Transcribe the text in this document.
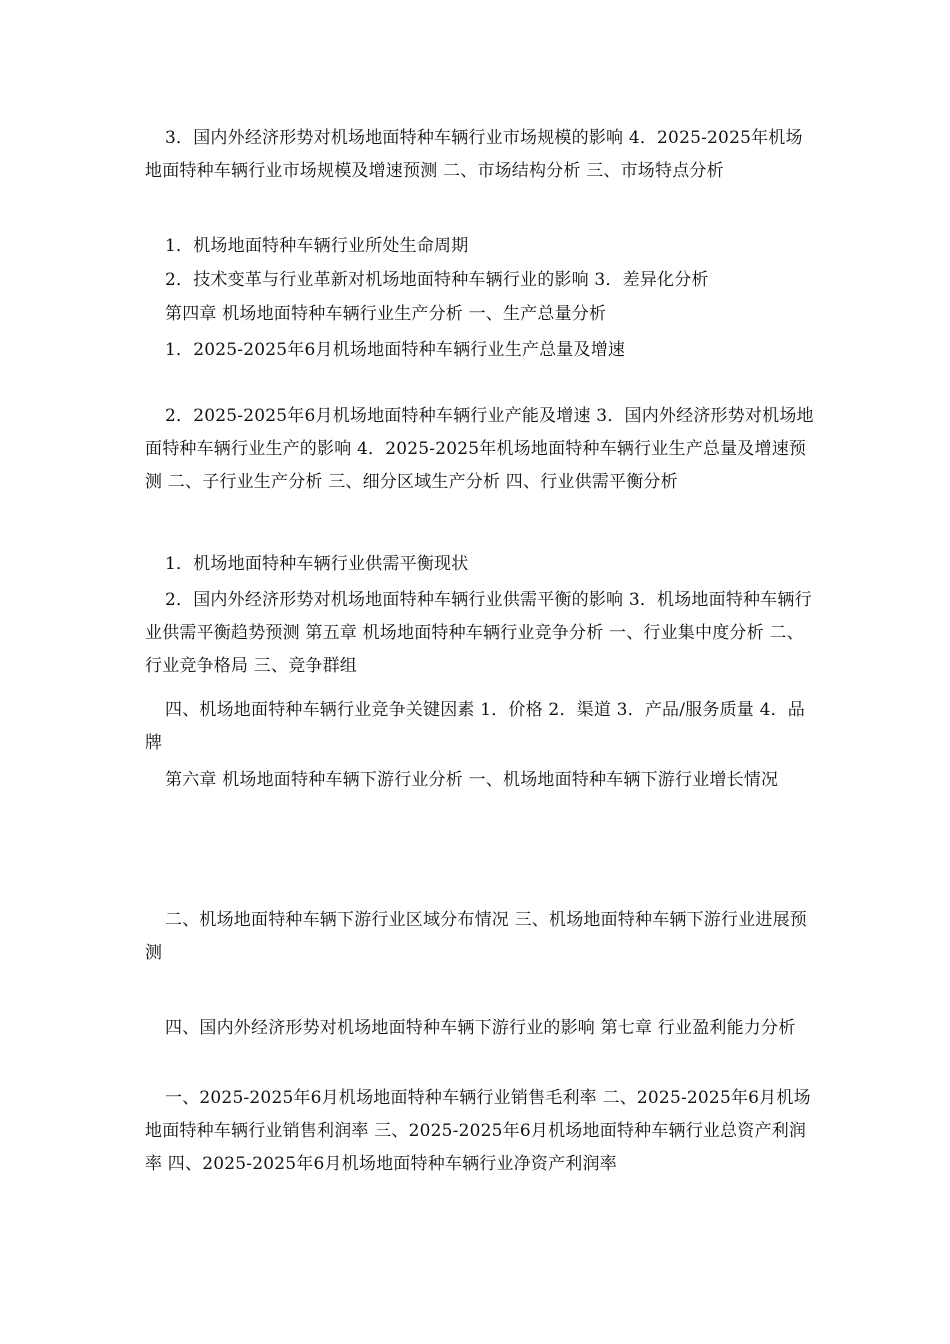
3．国内外经济形势对机场地面特种车辆行业市场规模的影响 4．2025-2025年机场地面特种车辆行业市场规模及增速预测 二、市场结构分析 三、市场特点分析

1．机场地面特种车辆行业所处生命周期

2．技术变革与行业革新对机场地面特种车辆行业的影响 3．差异化分析

第四章 机场地面特种车辆行业生产分析 一、生产总量分析

1．2025-2025年6月机场地面特种车辆行业生产总量及增速

2．2025-2025年6月机场地面特种车辆行业产能及增速 3．国内外经济形势对机场地面特种车辆行业生产的影响 4．2025-2025年机场地面特种车辆行业生产总量及增速预测 二、子行业生产分析 三、细分区域生产分析 四、行业供需平衡分析

1．机场地面特种车辆行业供需平衡现状

2．国内外经济形势对机场地面特种车辆行业供需平衡的影响 3．机场地面特种车辆行业供需平衡趋势预测 第五章 机场地面特种车辆行业竞争分析 一、行业集中度分析 二、行业竞争格局 三、竞争群组

四、机场地面特种车辆行业竞争关键因素 1．价格 2．渠道 3．产品/服务质量 4．品牌

第六章 机场地面特种车辆下游行业分析 一、机场地面特种车辆下游行业增长情况

二、机场地面特种车辆下游行业区域分布情况 三、机场地面特种车辆下游行业进展预测

四、国内外经济形势对机场地面特种车辆下游行业的影响 第七章 行业盈利能力分析

一、2025-2025年6月机场地面特种车辆行业销售毛利率 二、2025-2025年6月机场地面特种车辆行业销售利润率 三、2025-2025年6月机场地面特种车辆行业总资产利润率 四、2025-2025年6月机场地面特种车辆行业净资产利润率
